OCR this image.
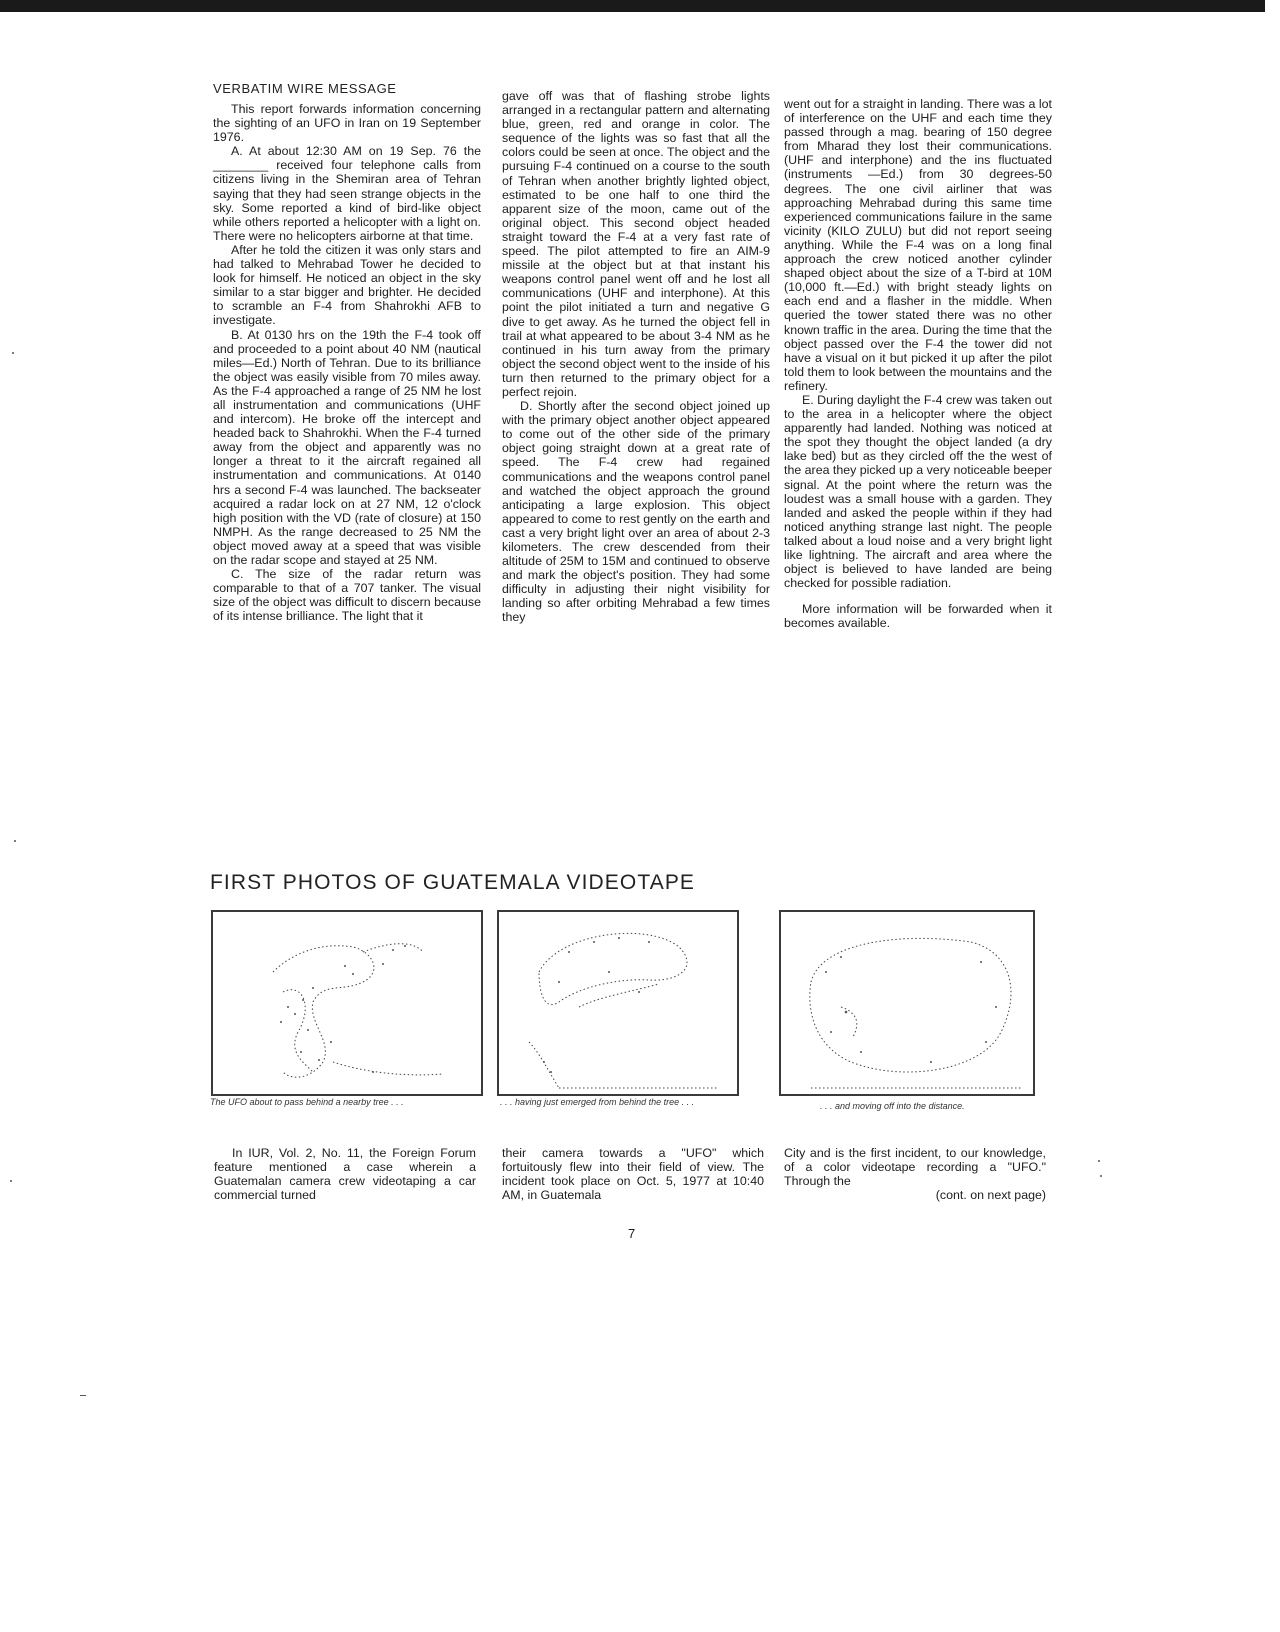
VERBATIM WIRE MESSAGE

This report forwards information concerning the sighting of an UFO in Iran on 19 September 1976.

A. At about 12:30 AM on 19 Sep. 76 the ________ received four telephone calls from citizens living in the Shemiran area of Tehran saying that they had seen strange objects in the sky. Some reported a kind of bird-like object while others reported a helicopter with a light on. There were no helicopters airborne at that time.

After he told the citizen it was only stars and had talked to Mehrabad Tower he decided to look for himself. He noticed an object in the sky similar to a star bigger and brighter. He decided to scramble an F-4 from Shahrokhi AFB to investigate.

B. At 0130 hrs on the 19th the F-4 took off and proceeded to a point about 40 NM (nautical miles—Ed.) North of Tehran. Due to its brilliance the object was easily visible from 70 miles away. As the F-4 approached a range of 25 NM he lost all instrumentation and communications (UHF and intercom). He broke off the intercept and headed back to Shahrokhi. When the F-4 turned away from the object and apparently was no longer a threat to it the aircraft regained all instrumentation and communications. At 0140 hrs a second F-4 was launched. The backseater acquired a radar lock on at 27 NM, 12 o'clock high position with the VD (rate of closure) at 150 NMPH. As the range decreased to 25 NM the object moved away at a speed that was visible on the radar scope and stayed at 25 NM.

C. The size of the radar return was comparable to that of a 707 tanker. The visual size of the object was difficult to discern because of its intense brilliance. The light that it

gave off was that of flashing strobe lights arranged in a rectangular pattern and alternating blue, green, red and orange in color. The sequence of the lights was so fast that all the colors could be seen at once. The object and the pursuing F-4 continued on a course to the south of Tehran when another brightly lighted object, estimated to be one half to one third the apparent size of the moon, came out of the original object. This second object headed straight toward the F-4 at a very fast rate of speed. The pilot attempted to fire an AIM-9 missile at the object but at that instant his weapons control panel went off and he lost all communications (UHF and interphone). At this point the pilot initiated a turn and negative G dive to get away. As he turned the object fell in trail at what appeared to be about 3-4 NM as he continued in his turn away from the primary object the second object went to the inside of his turn then returned to the primary object for a perfect rejoin.

D. Shortly after the second object joined up with the primary object another object appeared to come out of the other side of the primary object going straight down at a great rate of speed. The F-4 crew had regained communications and the weapons control panel and watched the object approach the ground anticipating a large explosion. This object appeared to come to rest gently on the earth and cast a very bright light over an area of about 2-3 kilometers. The crew descended from their altitude of 25M to 15M and continued to observe and mark the object's position. They had some difficulty in adjusting their night visibility for landing so after orbiting Mehrabad a few times they

went out for a straight in landing. There was a lot of interference on the UHF and each time they passed through a mag. bearing of 150 degree from Mharad they lost their communications. (UHF and interphone) and the ins fluctuated (instruments —Ed.) from 30 degrees-50 degrees. The one civil airliner that was approaching Mehrabad during this same time experienced communications failure in the same vicinity (KILO ZULU) but did not report seeing anything. While the F-4 was on a long final approach the crew noticed another cylinder shaped object about the size of a T-bird at 10M (10,000 ft.—Ed.) with bright steady lights on each end and a flasher in the middle. When queried the tower stated there was no other known traffic in the area. During the time that the object passed over the F-4 the tower did not have a visual on it but picked it up after the pilot told them to look between the mountains and the refinery.

E. During daylight the F-4 crew was taken out to the area in a helicopter where the object apparently had landed. Nothing was noticed at the spot they thought the object landed (a dry lake bed) but as they circled off the the west of the area they picked up a very noticeable beeper signal. At the point where the return was the loudest was a small house with a garden. They landed and asked the people within if they had noticed anything strange last night. The people talked about a loud noise and a very bright light like lightning. The aircraft and area where the object is believed to have landed are being checked for possible radiation.

More information will be forwarded when it becomes available.

FIRST PHOTOS OF GUATEMALA VIDEOTAPE
The UFO about to pass behind a nearby tree . . .	. . . having just emerged from behind the tree . . .	. . . and moving off into the distance.

In IUR, Vol. 2, No. 11, the Foreign Forum feature mentioned a case wherein a Guatemalan camera crew videotaping a car commercial turned

their camera towards a "UFO" which fortuitously flew into their field of view. The incident took place on Oct. 5, 1977 at 10:40 AM, in Guatemala

City and is the first incident, to our knowledge, of a color videotape recording a "UFO." Through the

(cont. on next page)
7
